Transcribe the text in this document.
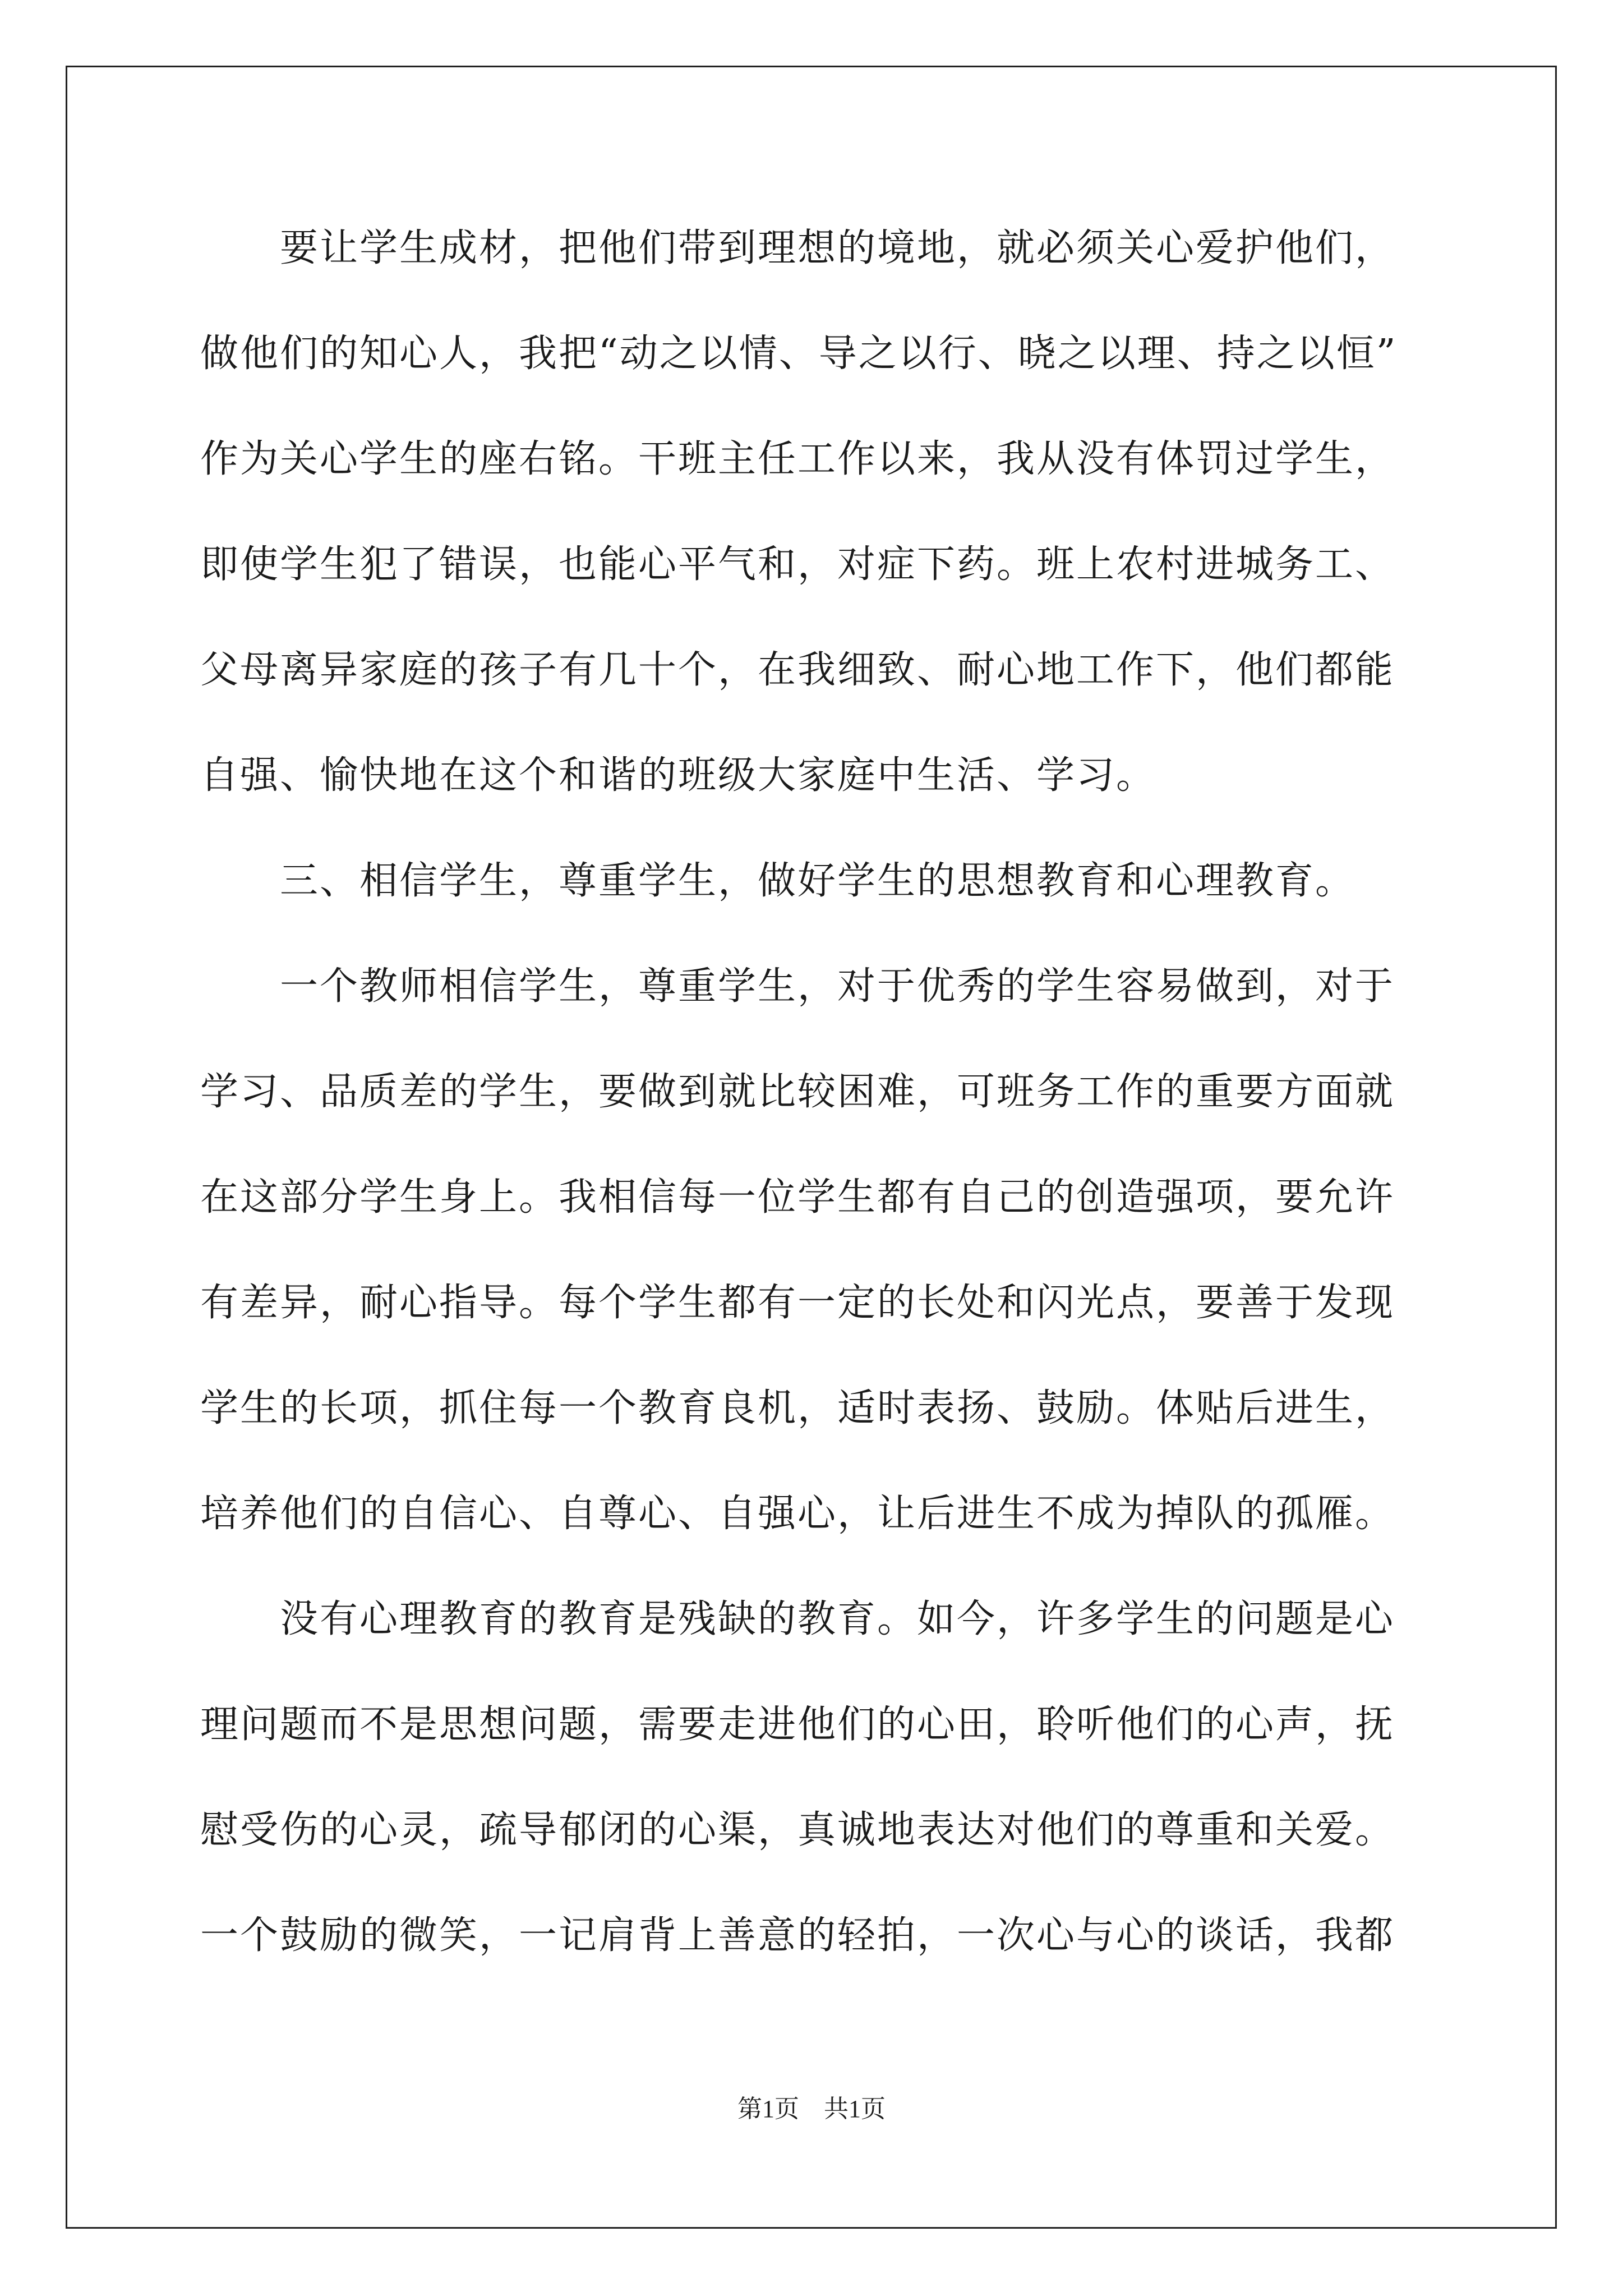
　　要让学生成材，把他们带到理想的境地，就必须关心爱护他们，
做他们的知心人，我把“动之以情、导之以行、晓之以理、持之以恒”
作为关心学生的座右铭。干班主任工作以来，我从没有体罚过学生，
即使学生犯了错误，也能心平气和，对症下药。班上农村进城务工、
父母离异家庭的孩子有几十个，在我细致、耐心地工作下，他们都能
自强、愉快地在这个和谐的班级大家庭中生活、学习。
　　三、相信学生，尊重学生，做好学生的思想教育和心理教育。
　　一个教师相信学生，尊重学生，对于优秀的学生容易做到，对于
学习、品质差的学生，要做到就比较困难，可班务工作的重要方面就
在这部分学生身上。我相信每一位学生都有自己的创造强项，要允许
有差异，耐心指导。每个学生都有一定的长处和闪光点，要善于发现
学生的长项，抓住每一个教育良机，适时表扬、鼓励。体贴后进生，
培养他们的自信心、自尊心、自强心，让后进生不成为掉队的孤雁。
　　没有心理教育的教育是残缺的教育。如今，许多学生的问题是心
理问题而不是思想问题，需要走进他们的心田，聆听他们的心声，抚
慰受伤的心灵，疏导郁闭的心渠，真诚地表达对他们的尊重和关爱。
一个鼓励的微笑，一记肩背上善意的轻拍，一次心与心的谈话，我都
第1页　共1页
